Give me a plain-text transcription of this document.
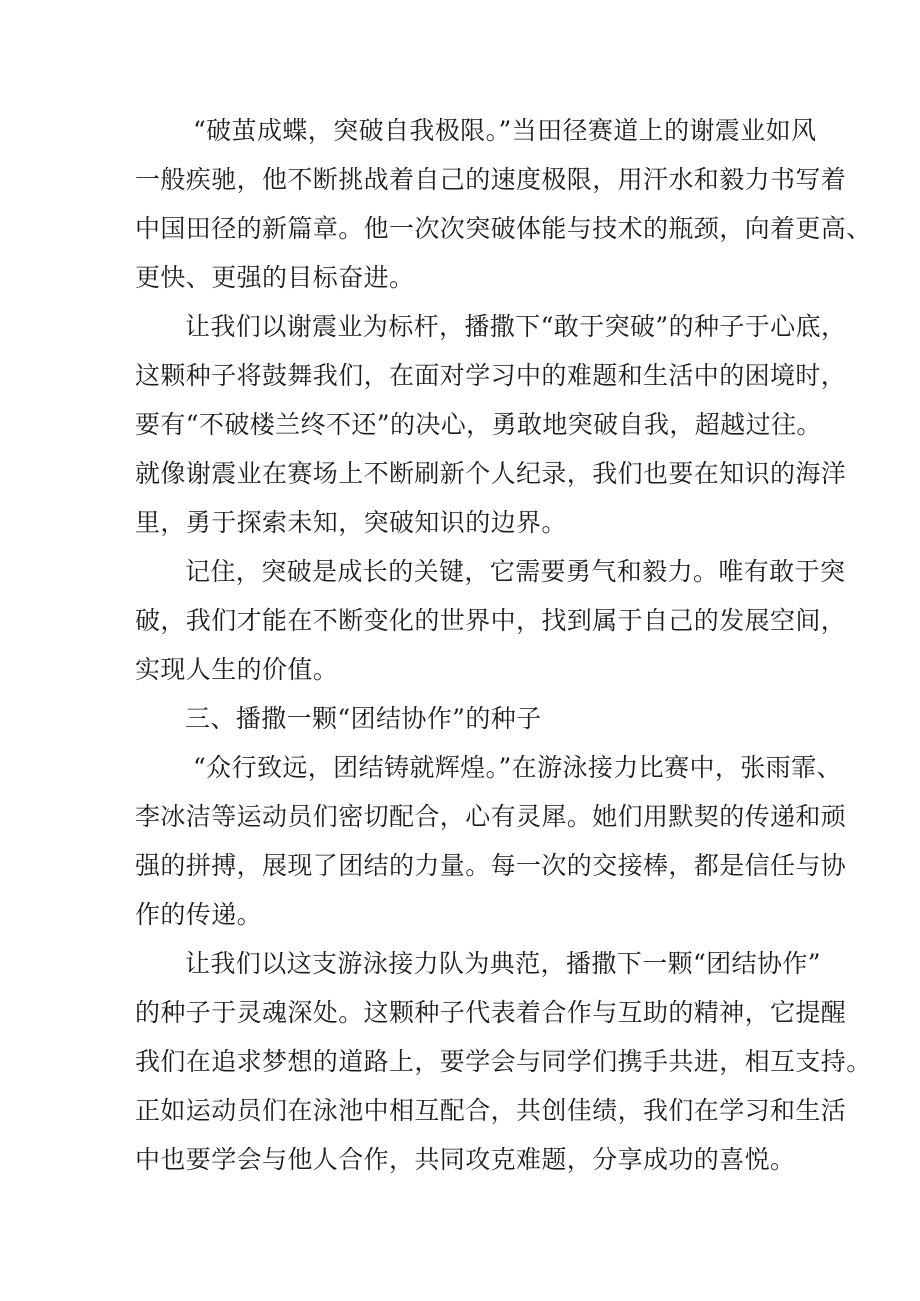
“破茧成蝶，突破自我极限。”当田径赛道上的谢震业如风
一般疾驰，他不断挑战着自己的速度极限，用汗水和毅力书写着
中国田径的新篇章。他一次次突破体能与技术的瓶颈，向着更高、
更快、更强的目标奋进。
让我们以谢震业为标杆，播撒下“敢于突破”的种子于心底，
这颗种子将鼓舞我们，在面对学习中的难题和生活中的困境时，
要有“不破楼兰终不还”的决心，勇敢地突破自我，超越过往。
就像谢震业在赛场上不断刷新个人纪录，我们也要在知识的海洋
里，勇于探索未知，突破知识的边界。
记住，突破是成长的关键，它需要勇气和毅力。唯有敢于突
破，我们才能在不断变化的世界中，找到属于自己的发展空间，
实现人生的价值。
三、播撒一颗“团结协作”的种子
“众行致远，团结铸就辉煌。”在游泳接力比赛中，张雨霏、
李冰洁等运动员们密切配合，心有灵犀。她们用默契的传递和顽
强的拼搏，展现了团结的力量。每一次的交接棒，都是信任与协
作的传递。
让我们以这支游泳接力队为典范，播撒下一颗“团结协作”
的种子于灵魂深处。这颗种子代表着合作与互助的精神，它提醒
我们在追求梦想的道路上，要学会与同学们携手共进，相互支持。
正如运动员们在泳池中相互配合，共创佳绩，我们在学习和生活
中也要学会与他人合作，共同攻克难题，分享成功的喜悦。
